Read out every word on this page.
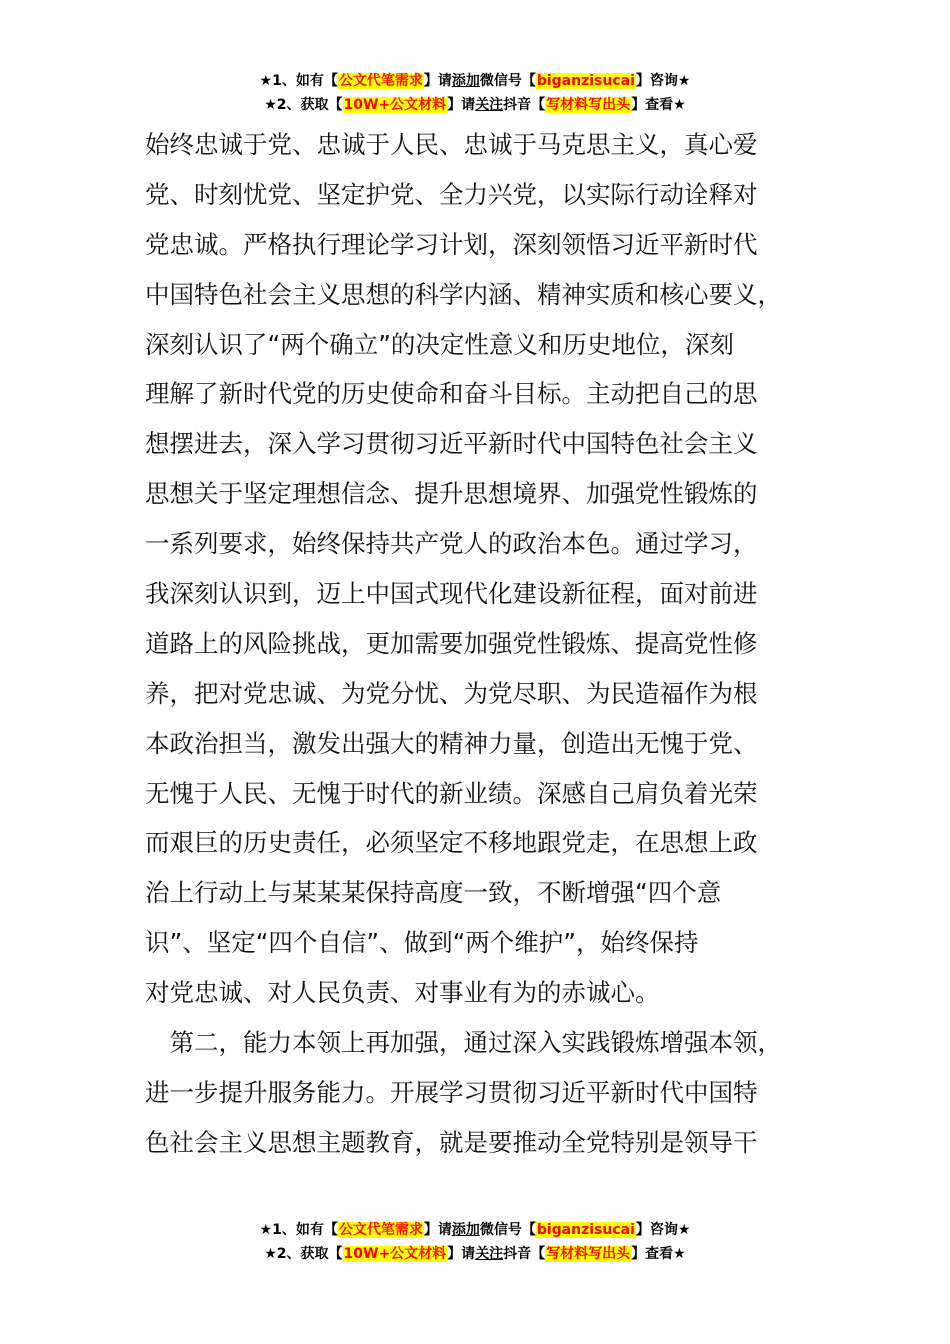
★1、如有【公文代笔需求】请添加微信号【biganzisucai】咨询★
★2、获取【10W+公文材料】请关注抖音【写材料写出头】查看★
始终忠诚于党、忠诚于人民、忠诚于马克思主义，真心爱
党、时刻忧党、坚定护党、全力兴党，以实际行动诠释对
党忠诚。严格执行理论学习计划，深刻领悟习近平新时代
中国特色社会主义思想的科学内涵、精神实质和核心要义，
深刻认识了“两个确立”的决定性意义和历史地位，深刻
理解了新时代党的历史使命和奋斗目标。主动把自己的思
想摆进去，深入学习贯彻习近平新时代中国特色社会主义
思想关于坚定理想信念、提升思想境界、加强党性锻炼的
一系列要求，始终保持共产党人的政治本色。通过学习，
我深刻认识到，迈上中国式现代化建设新征程，面对前进
道路上的风险挑战，更加需要加强党性锻炼、提高党性修
养，把对党忠诚、为党分忧、为党尽职、为民造福作为根
本政治担当，激发出强大的精神力量，创造出无愧于党、
无愧于人民、无愧于时代的新业绩。深感自己肩负着光荣
而艰巨的历史责任，必须坚定不移地跟党走，在思想上政
治上行动上与某某某保持高度一致，不断增强“四个意
识”、坚定“四个自信”、做到“两个维护”，始终保持
对党忠诚、对人民负责、对事业有为的赤诚心。
　第二，能力本领上再加强，通过深入实践锻炼增强本领，
进一步提升服务能力。开展学习贯彻习近平新时代中国特
色社会主义思想主题教育，就是要推动全党特别是领导干
★1、如有【公文代笔需求】请添加微信号【biganzisucai】咨询★
★2、获取【10W+公文材料】请关注抖音【写材料写出头】查看★
